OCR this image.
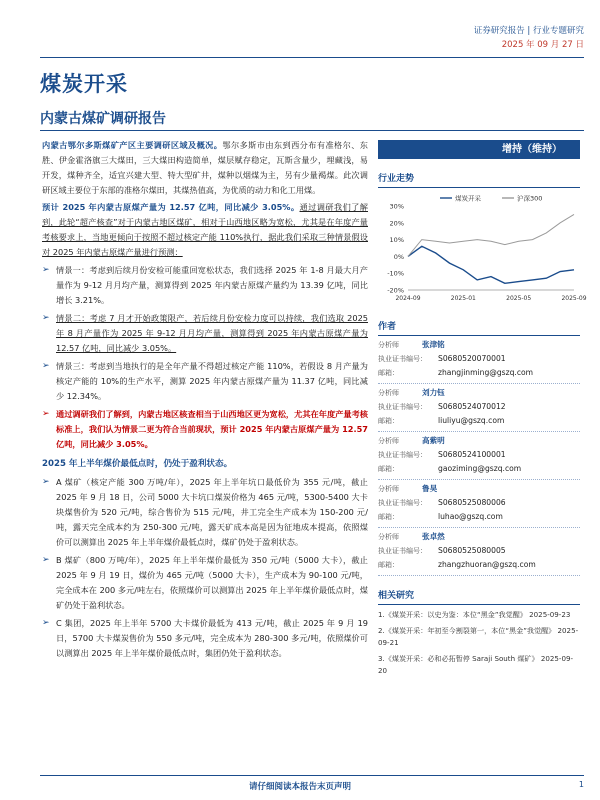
证券研究报告 | 行业专题研究
2025 年 09 月 27 日
煤炭开采
内蒙古煤矿调研报告

内蒙古鄂尔多斯煤矿产区主要调研区域及概况。鄂尔多斯市由东到西分布有准格尔、东胜、伊金霍洛旗三大煤田，三大煤田构造简单，煤层赋存稳定，瓦斯含量少，埋藏浅，易开发，煤种齐全，适宜兴建大型、特大型矿井，煤种以烟煤为主，另有少量褐煤。此次调研区域主要位于东部的准格尔煤田，其煤热值高，为优质的动力和化工用煤。

预计 2025 年内蒙古原煤产量为 12.57 亿吨，同比减少 3.05%。通过调研我们了解到，此轮“超产核查”对于内蒙古地区煤矿，相对于山西地区略为宽松，尤其是在年度产量考核要求上，当地更倾向于按照不超过核定产能 110%执行，据此我们采取三种情景假设对 2025 年内蒙古原煤产量进行预测：

➢ 情景一：考虑到后续月份安检可能重回宽松状态，我们选择 2025 年 1-8 月最大月产量作为 9-12 月月均产量，测算得到 2025 年内蒙古原煤产量约为 13.39 亿吨，同比增长 3.21%。
➢ 情景二：考虑 7 月才开始政策限产，若后续月份安检力度可以持续，我们选取 2025 年 8 月产量作为 2025 年 9-12 月月均产量，测算得到 2025 年内蒙古原煤产量为 12.57 亿吨，同比减少 3.05%。
➢ 情景三：考虑到当地执行的是全年产量不得超过核定产能 110%，若假设 8 月产量为核定产能的 10%的生产水平，测算 2025 年内蒙古原煤产量为 11.37 亿吨，同比减少 12.34%。
➢ 通过调研我们了解到，内蒙古地区核查相当于山西地区更为宽松，尤其在年度产量考核标准上，我们认为情景二更为符合当前现状，预计 2025 年内蒙古原煤产量为 12.57 亿吨，同比减少 3.05%。
2025 年上半年煤价最低点时，仍处于盈利状态。
➢ A 煤矿（核定产能 300 万吨/年），2025 年上半年坑口最低价为 355 元/吨，截止 2025 年 9 月 18 日，公司 5000 大卡坑口煤炭价格为 465 元/吨，5300-5400 大卡块煤售价为 520 元/吨，综合售价为 515 元/吨，井工完全生产成本为 150-200 元/吨，露天完全成本约为 250-300 元/吨，露天矿成本高是因为征地成本提高，依照煤价可以测算出 2025 年上半年煤价最低点时，煤矿仍处于盈利状态。
➢ B 煤矿（800 万吨/年），2025 年上半年煤价最低为 350 元/吨（5000 大卡），截止 2025 年 9 月 19 日，煤价为 465 元/吨（5000 大卡），生产成本为 90-100 元/吨，完全成本在 200 多元/吨左右，依照煤价可以测算出 2025 年上半年煤价最低点时，煤矿仍处于盈利状态。
➢ C 集团，2025 年上半年 5700 大卡煤价最低为 413 元/吨，截止 2025 年 9 月 19 日，5700 大卡煤炭售价为 550 多元/吨，完全成本为 280-300 多元/吨，依照煤价可以测算出 2025 年上半年煤价最低点时，集团仍处于盈利状态。
增持（维持）
行业走势
30%
20%
10%
0%
-10%
-20%
2024-09	2025-01	2025-05	2025-09
煤炭开采	沪深300
作者
分析师	张津铭
执业证书编号： S0680520070001
邮箱：	zhangjinming@gszq.com
分析师	刘力钰
执业证书编号： S0680524070012
邮箱：	liuliyu@gszq.com
分析师	高紫明
执业证书编号： S0680524100001
邮箱：	gaoziming@gszq.com
分析师	鲁昊
执业证书编号： S0680525080006
邮箱：	luhao@gszq.com
分析师	张卓然
执业证书编号： S0680525080005
邮箱：	zhangzhuoran@gszq.com
相关研究
1.《煤炭开采：以史为鉴：本位“黑金”我觉醒》 2025-09-23
2.《煤炭开采：年初至今割裂第一，本位“黑金”我觉醒》 2025-09-21
3.《煤炭开采：必和必拓暂停 Saraji South 煤矿》 2025-09-20
请仔细阅读本报告末页声明	1
